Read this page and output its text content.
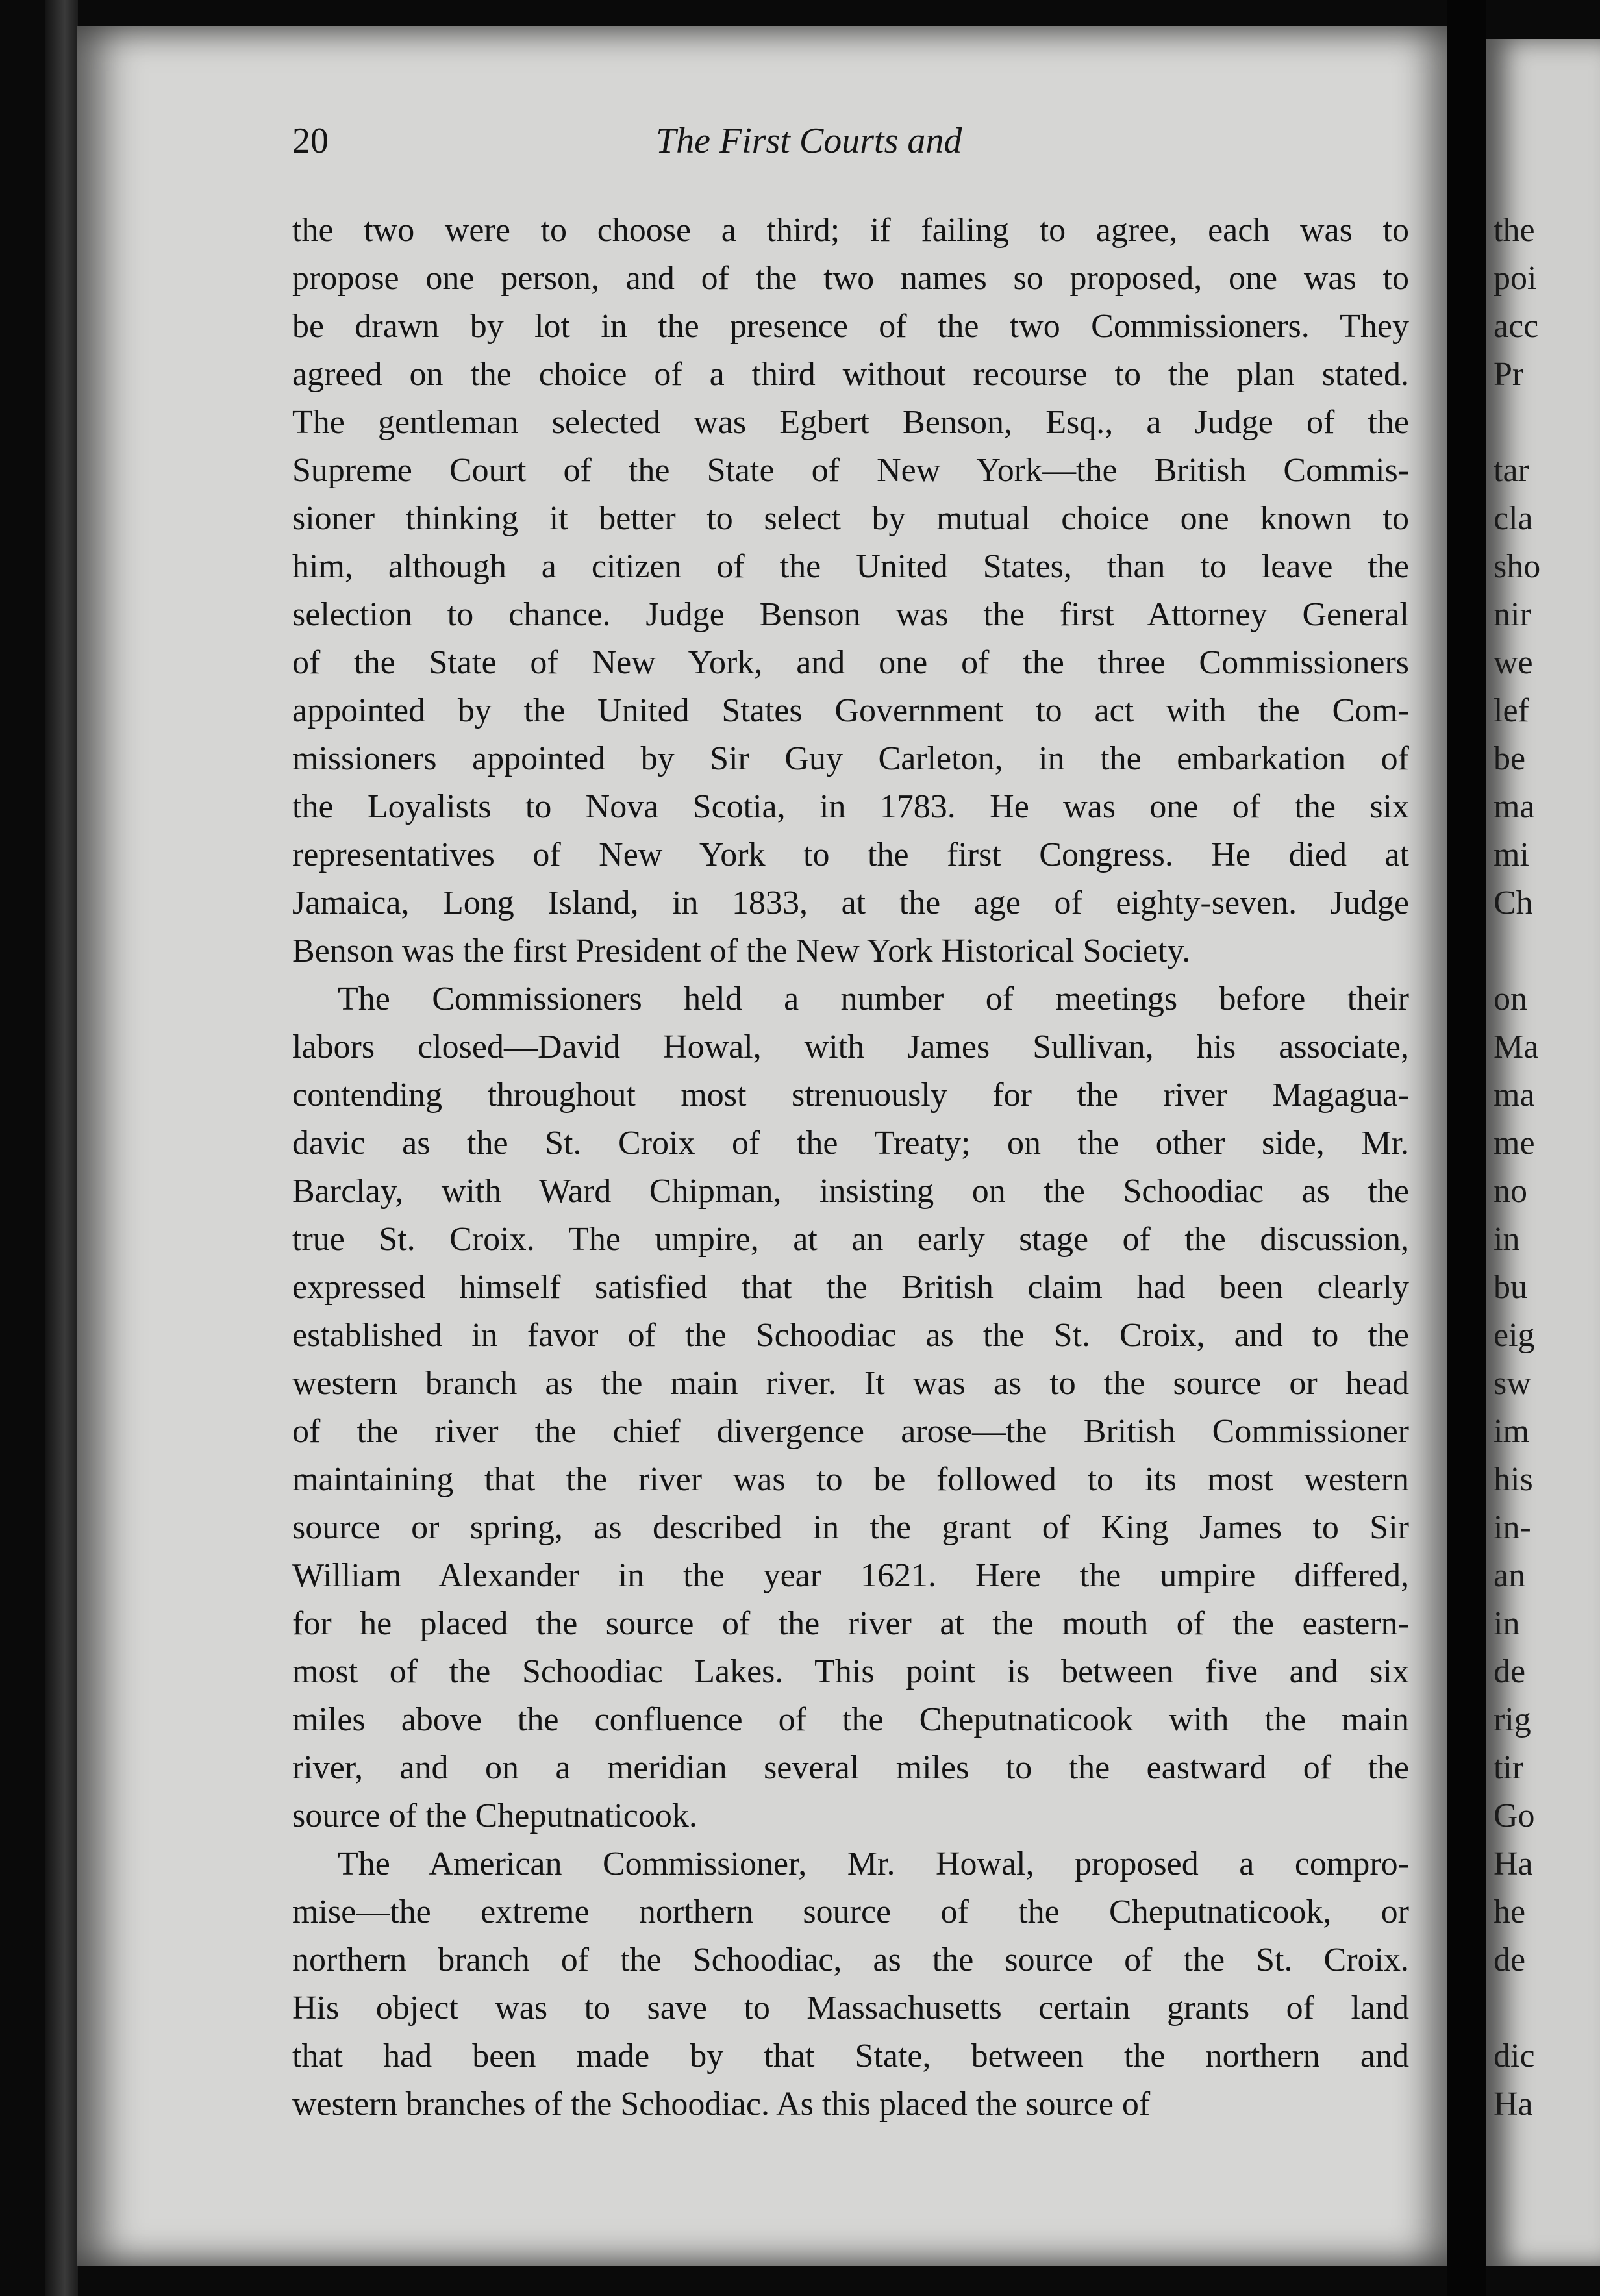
20	The First Courts and

the two were to choose a third; if failing to agree, each was to
propose one person, and of the two names so proposed, one was to
be drawn by lot in the presence of the two Commissioners. They
agreed on the choice of a third without recourse to the plan stated.
The gentleman selected was Egbert Benson, Esq., a Judge of the
Supreme Court of the State of New York—the British Commis-
sioner thinking it better to select by mutual choice one known to
him, although a citizen of the United States, than to leave the
selection to chance. Judge Benson was the first Attorney General
of the State of New York, and one of the three Commissioners
appointed by the United States Government to act with the Com-
missioners appointed by Sir Guy Carleton, in the embarkation of
the Loyalists to Nova Scotia, in 1783. He was one of the six
representatives of New York to the first Congress. He died at
Jamaica, Long Island, in 1833, at the age of eighty-seven. Judge
Benson was the first President of the New York Historical Society.

The Commissioners held a number of meetings before their
labors closed—David Howal, with James Sullivan, his associate,
contending throughout most strenuously for the river Magagua-
davic as the St. Croix of the Treaty; on the other side, Mr.
Barclay, with Ward Chipman, insisting on the Schoodiac as the
true St. Croix. The umpire, at an early stage of the discussion,
expressed himself satisfied that the British claim had been clearly
established in favor of the Schoodiac as the St. Croix, and to the
western branch as the main river. It was as to the source or head
of the river the chief divergence arose—the British Commissioner
maintaining that the river was to be followed to its most western
source or spring, as described in the grant of King James to Sir
William Alexander in the year 1621. Here the umpire differed,
for he placed the source of the river at the mouth of the eastern-
most of the Schoodiac Lakes. This point is between five and six
miles above the confluence of the Cheputnaticook with the main
river, and on a meridian several miles to the eastward of the
source of the Cheputnaticook.

The American Commissioner, Mr. Howal, proposed a compro-
mise—the extreme northern source of the Cheputnaticook, or
northern branch of the Schoodiac, as the source of the St. Croix.
His object was to save to Massachusetts certain grants of land
that had been made by that State, between the northern and
western branches of the Schoodiac. As this placed the source of

the
poi
acc
Pr
tar
cla
sho
nir
we
lef
be
ma
mi
Ch
on
Ma
ma
me
no
in
bu
eig
sw
im
his
in-
an
in
de
rig
tir
Go
Ha
he
de
dic
Ha
